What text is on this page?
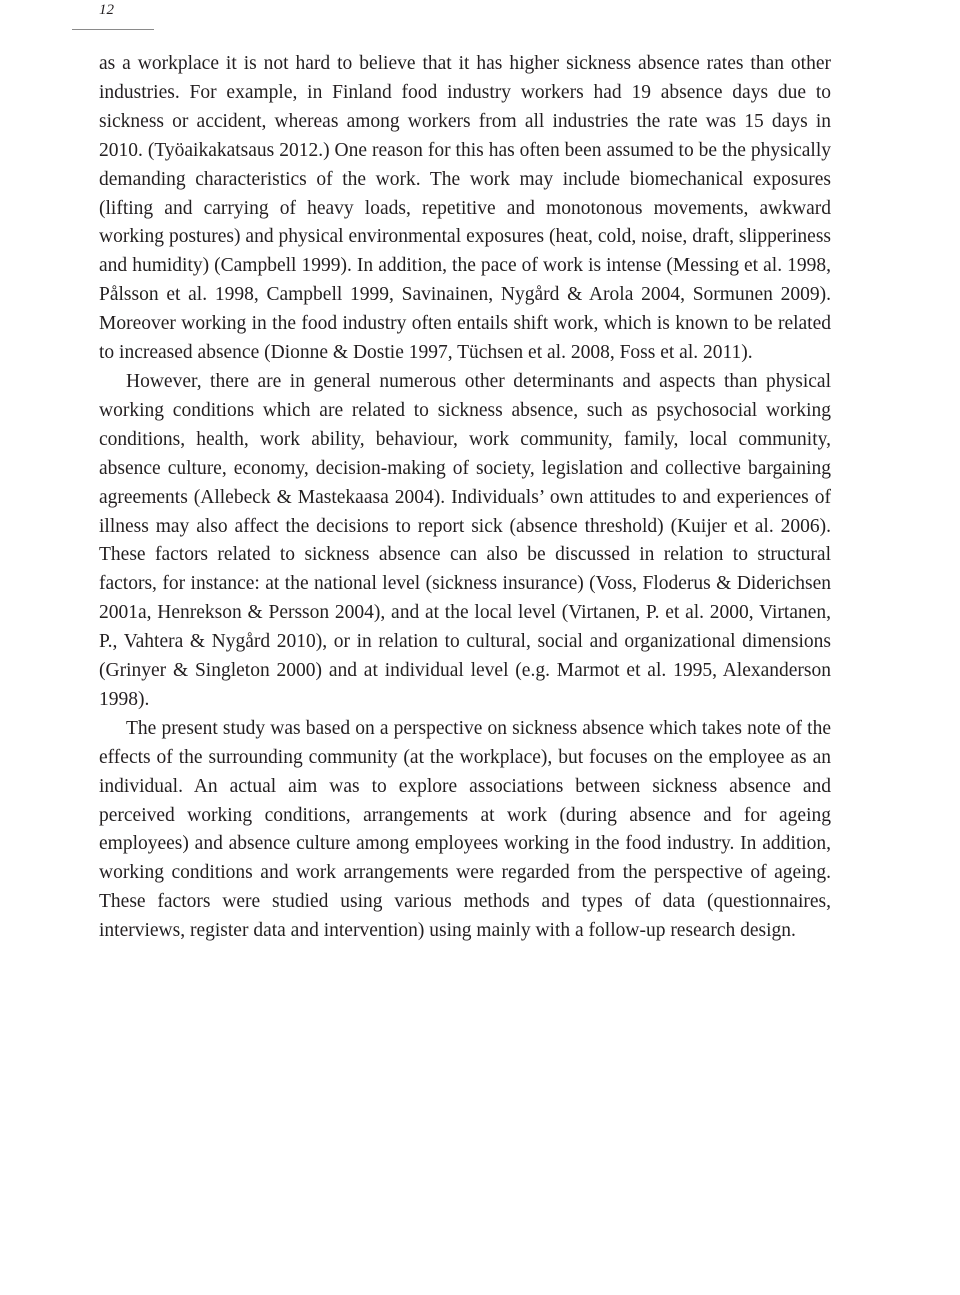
12

as a workplace it is not hard to believe that it has higher sickness absence rates than other industries. For example, in Finland food industry workers had 19 absence days due to sickness or accident, whereas among workers from all industries the rate was 15 days in 2010. (Työaikakatsaus 2012.) One reason for this has often been assumed to be the physically demanding characteristics of the work. The work may include biomechanical exposures (lifting and carrying of heavy loads, repetitive and monotonous movements, awkward working postures) and physical environmental exposures (heat, cold, noise, draft, slipperiness and humidity) (Campbell 1999). In addition, the pace of work is intense (Messing et al. 1998, Pålsson et al. 1998, Campbell 1999, Savinainen, Nygård & Arola 2004, Sormunen 2009). Moreover working in the food industry often entails shift work, which is known to be related to increased absence (Dionne & Dostie 1997, Tüchsen et al. 2008, Foss et al. 2011).

However, there are in general numerous other determinants and aspects than physical working conditions which are related to sickness absence, such as psychosocial working conditions, health, work ability, behaviour, work community, family, local community, absence culture, economy, decision-making of society, legislation and collective bargaining agreements (Allebeck & Mastekaasa 2004). Individuals’ own attitudes to and experiences of illness may also affect the decisions to report sick (absence threshold) (Kuijer et al. 2006). These factors related to sickness absence can also be discussed in relation to structural factors, for instance: at the national level (sickness insurance) (Voss, Floderus & Diderichsen 2001a, Henrekson & Persson 2004), and at the local level (Virtanen, P. et al. 2000, Virtanen, P., Vahtera & Nygård 2010), or in relation to cultural, social and organizational dimensions (Grinyer & Singleton 2000) and at individual level (e.g. Marmot et al. 1995, Alexanderson 1998).

The present study was based on a perspective on sickness absence which takes note of the effects of the surrounding community (at the workplace), but focuses on the employee as an individual. An actual aim was to explore associations between sickness absence and perceived working conditions, arrangements at work (during absence and for ageing employees) and absence culture among employees working in the food industry. In addition, working conditions and work arrangements were regarded from the perspective of ageing. These factors were studied using various methods and types of data (questionnaires, interviews, register data and intervention) using mainly with a follow-up research design.
